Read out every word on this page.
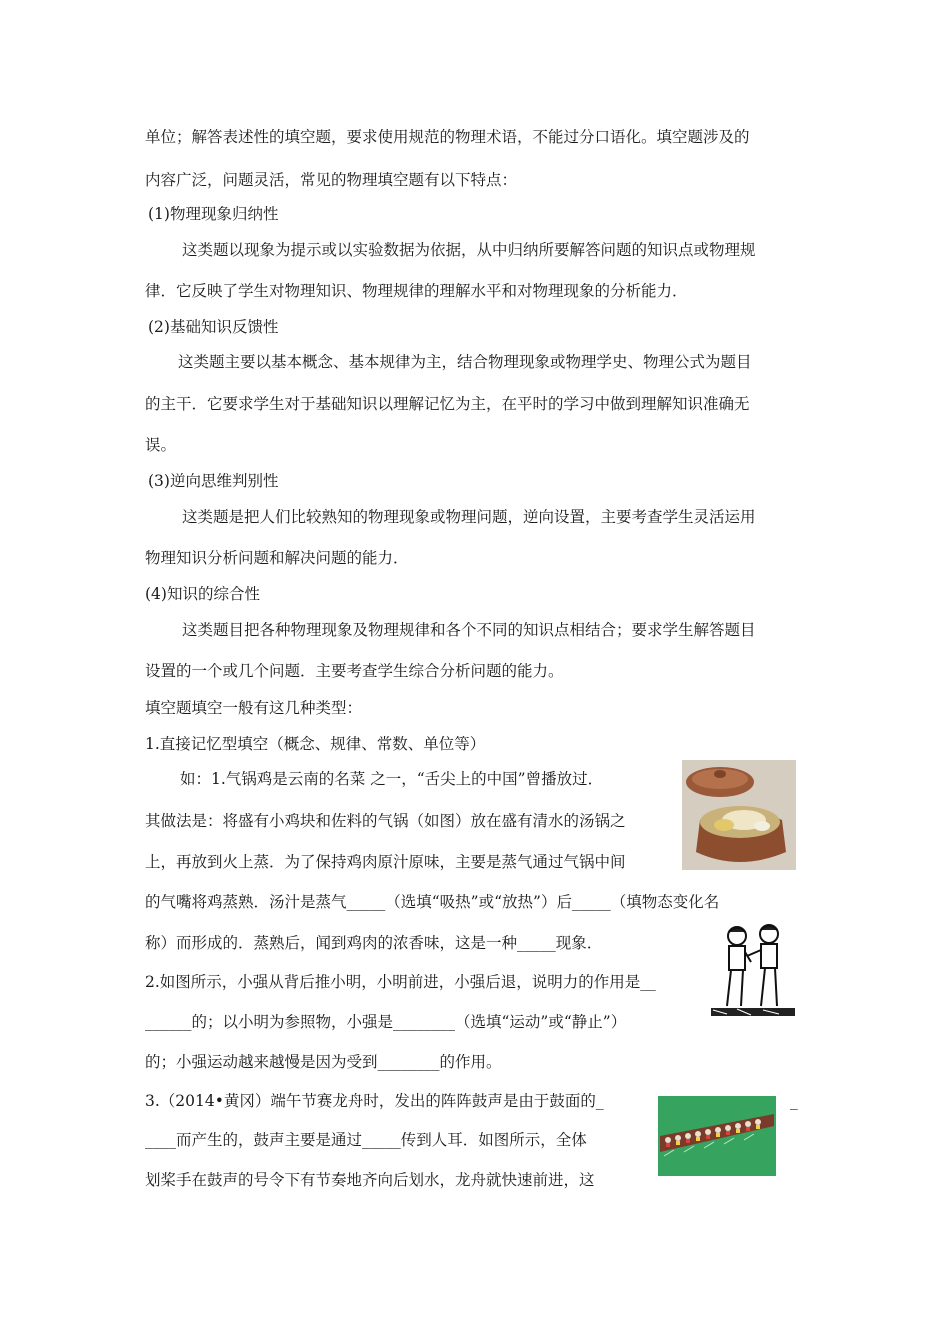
单位；解答表述性的填空题，要求使用规范的物理术语，不能过分口语化。填空题涉及的
内容广泛，问题灵活，常见的物理填空题有以下特点：
(1)物理现象归纳性
这类题以现象为提示或以实验数据为依据，从中归纳所要解答问题的知识点或物理规
律．它反映了学生对物理知识、物理规律的理解水平和对物理现象的分析能力．
(2)基础知识反馈性
这类题主要以基本概念、基本规律为主，结合物理现象或物理学史、物理公式为题目
的主干．它要求学生对于基础知识以理解记忆为主，在平时的学习中做到理解知识准确无
误。
(3)逆向思维判别性
这类题是把人们比较熟知的物理现象或物理问题，逆向设置，主要考查学生灵活运用
物理知识分析问题和解决问题的能力．
(4)知识的综合性
这类题目把各种物理现象及物理规律和各个不同的知识点相结合；要求学生解答题目
设置的一个或几个问题．主要考查学生综合分析问题的能力。
填空题填空一般有这几种类型：
1.直接记忆型填空（概念、规律、常数、单位等）
如：1.气锅鸡是云南的名菜 之一，“舌尖上的中国”曾播放过．
其做法是：将盛有小鸡块和佐料的气锅（如图）放在盛有清水的汤锅之
上，再放到火上蒸．为了保持鸡肉原汁原味，主要是蒸气通过气锅中间
的气嘴将鸡蒸熟．汤汁是蒸气_____（选填“吸热”或“放热”）后_____（填物态变化名
称）而形成的．蒸熟后，闻到鸡肉的浓香味，这是一种_____现象．
2.如图所示，小强从背后推小明，小明前进，小强后退，说明力的作用是__
______的；以小明为参照物，小强是________（选填“运动”或“静止”）
的；小强运动越来越慢是因为受到________的作用。
3.（2014•黄冈）端午节赛龙舟时，发出的阵阵鼓声是由于鼓面的_
____而产生的，鼓声主要是通过_____传到人耳．如图所示，全体
划桨手在鼓声的号令下有节奏地齐向后划水，龙舟就快速前进，这
_
